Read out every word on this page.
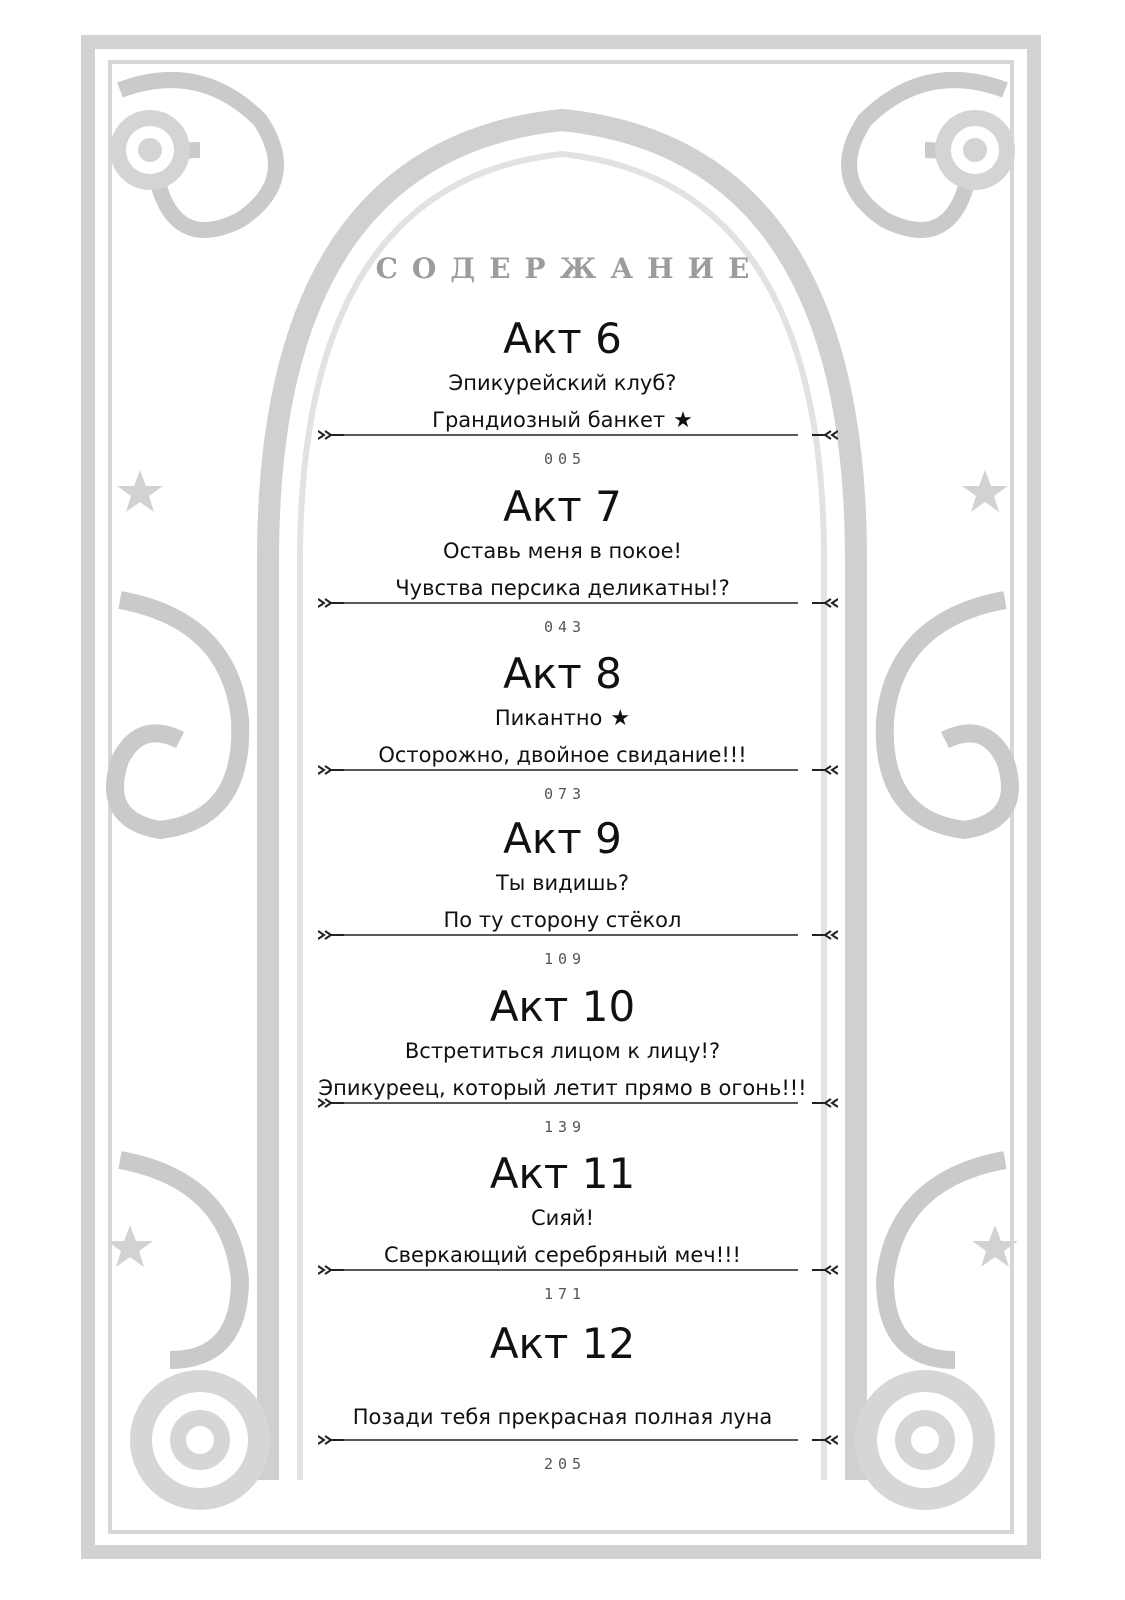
СОДЕРЖАНИЕ
Акт 6
Эпикурейский клуб?
Грандиозный банкет ★
005
Акт 7
Оставь меня в покое!
Чувства персика деликатны!?
043
Акт 8
Пикантно ★
Осторожно, двойное свидание!!!
073
Акт 9
Ты видишь?
По ту сторону стёкол
109
Акт 10
Встретиться лицом к лицу!?
Эпикуреец, который летит прямо в огонь!!!
139
Акт 11
Сияй!
Сверкающий серебряный меч!!!
171
Акт 12
Позади тебя прекрасная полная луна
205
